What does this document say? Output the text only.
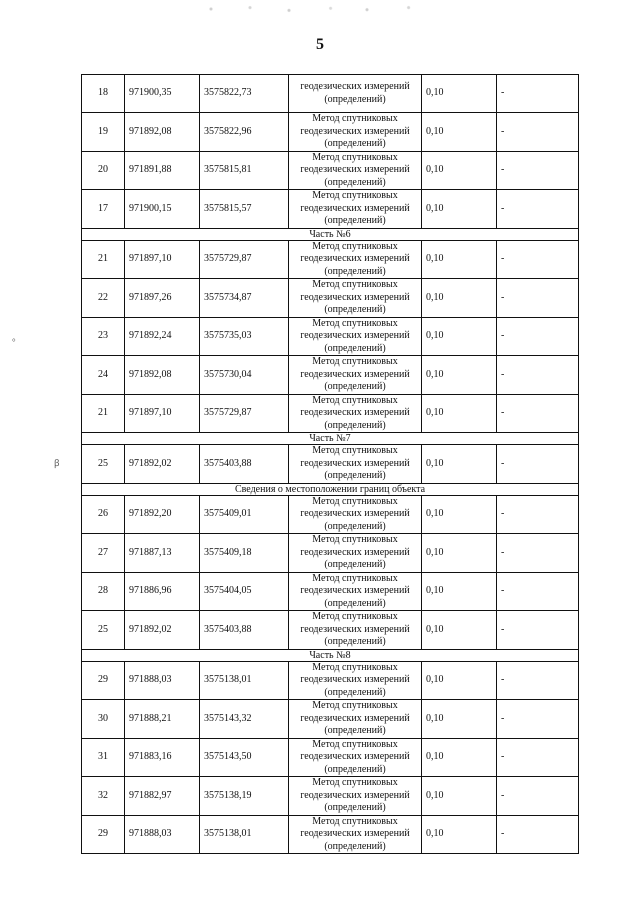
°
ꞵ
5
18	971900,35	3575822,73	геодезических измерений
(определений)	0,10	-
19	971892,08	3575822,96	Метод спутниковых
геодезических измерений
(определений)	0,10	-
20	971891,88	3575815,81	Метод спутниковых
геодезических измерений
(определений)	0,10	-
17	971900,15	3575815,57	Метод спутниковых
геодезических измерений
(определений)	0,10	-
Часть №6					
21	971897,10	3575729,87	Метод спутниковых
геодезических измерений
(определений)	0,10	-
22	971897,26	3575734,87	Метод спутниковых
геодезических измерений
(определений)	0,10	-
23	971892,24	3575735,03	Метод спутниковых
геодезических измерений
(определений)	0,10	-
24	971892,08	3575730,04	Метод спутниковых
геодезических измерений
(определений)	0,10	-
21	971897,10	3575729,87	Метод спутниковых
геодезических измерений
(определений)	0,10	-
Часть №7					
25	971892,02	3575403,88	Метод спутниковых
геодезических измерений
(определений)	0,10	-
Сведения о местоположении границ объекта					
26	971892,20	3575409,01	Метод спутниковых
геодезических измерений
(определений)	0,10	-
27	971887,13	3575409,18	Метод спутниковых
геодезических измерений
(определений)	0,10	-
28	971886,96	3575404,05	Метод спутниковых
геодезических измерений
(определений)	0,10	-
25	971892,02	3575403,88	Метод спутниковых
геодезических измерений
(определений)	0,10	-
Часть №8					
29	971888,03	3575138,01	Метод спутниковых
геодезических измерений
(определений)	0,10	-
30	971888,21	3575143,32	Метод спутниковых
геодезических измерений
(определений)	0,10	-
31	971883,16	3575143,50	Метод спутниковых
геодезических измерений
(определений)	0,10	-
32	971882,97	3575138,19	Метод спутниковых
геодезических измерений
(определений)	0,10	-
29	971888,03	3575138,01	Метод спутниковых
геодезических измерений
(определений)	0,10	-
